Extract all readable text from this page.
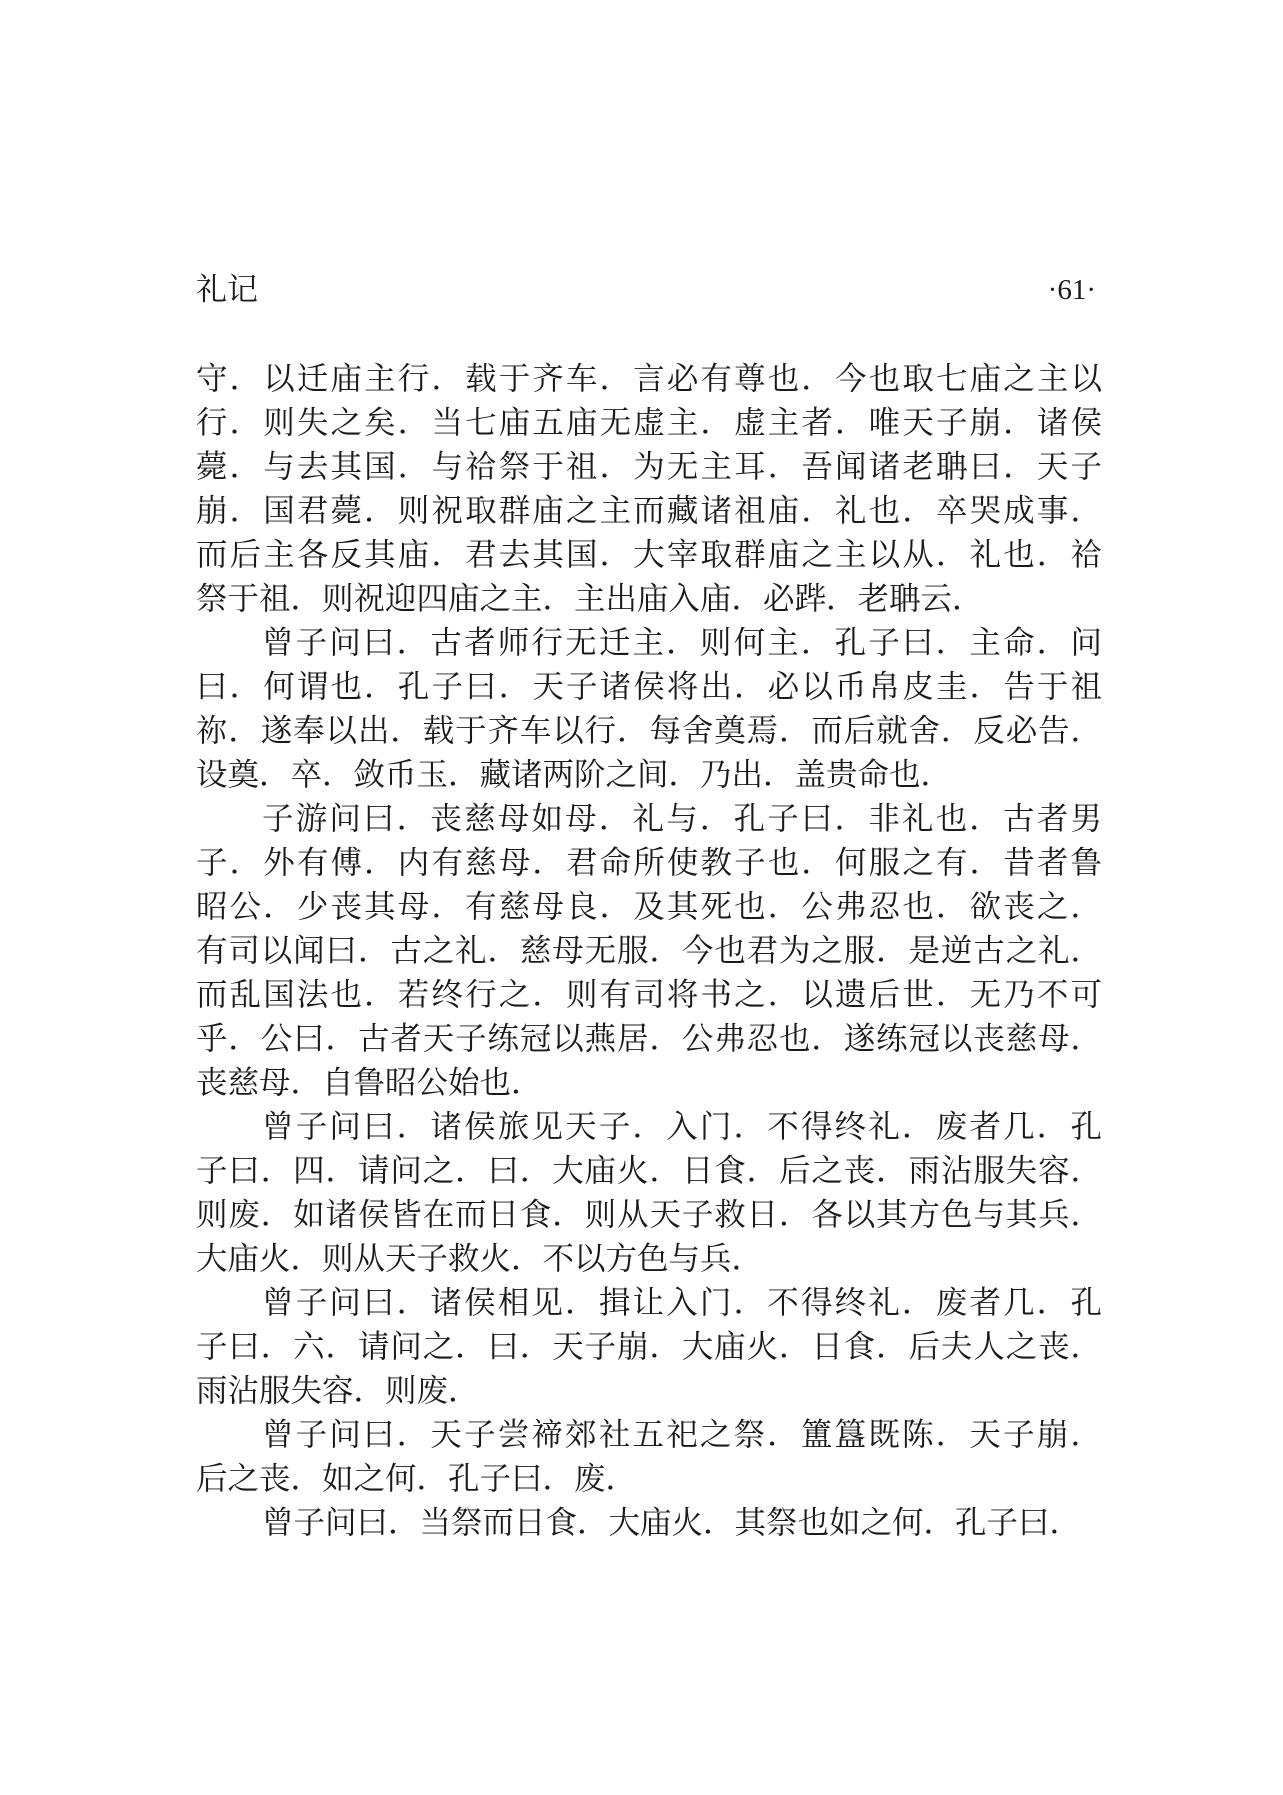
礼记	·61·
守．以迁庙主行．载于齐车．言必有尊也．今也取七庙之主以
行．则失之矣．当七庙五庙无虚主．虚主者．唯天子崩．诸侯
薨．与去其国．与祫祭于祖．为无主耳．吾闻诸老聃曰．天子
崩．国君薨．则祝取群庙之主而藏诸祖庙．礼也．卒哭成事．
而后主各反其庙．君去其国．大宰取群庙之主以从．礼也．祫
祭于祖．则祝迎四庙之主．主出庙入庙．必跸．老聃云．
曾子问曰．古者师行无迁主．则何主．孔子曰．主命．问
曰．何谓也．孔子曰．天子诸侯将出．必以币帛皮圭．告于祖
祢．遂奉以出．载于齐车以行．每舍奠焉．而后就舍．反必告．
设奠．卒．敛币玉．藏诸两阶之间．乃出．盖贵命也．
子游问曰．丧慈母如母．礼与．孔子曰．非礼也．古者男
子．外有傅．内有慈母．君命所使教子也．何服之有．昔者鲁
昭公．少丧其母．有慈母良．及其死也．公弗忍也．欲丧之．
有司以闻曰．古之礼．慈母无服．今也君为之服．是逆古之礼．
而乱国法也．若终行之．则有司将书之．以遗后世．无乃不可
乎．公曰．古者天子练冠以燕居．公弗忍也．遂练冠以丧慈母．
丧慈母．自鲁昭公始也．
曾子问曰．诸侯旅见天子．入门．不得终礼．废者几．孔
子曰．四．请问之．曰．大庙火．日食．后之丧．雨沾服失容．
则废．如诸侯皆在而日食．则从天子救日．各以其方色与其兵．
大庙火．则从天子救火．不以方色与兵．
曾子问曰．诸侯相见．揖让入门．不得终礼．废者几．孔
子曰．六．请问之．曰．天子崩．大庙火．日食．后夫人之丧．
雨沾服失容．则废．
曾子问曰．天子尝禘郊社五祀之祭．簠簋既陈．天子崩．
后之丧．如之何．孔子曰．废．
曾子问曰．当祭而日食．大庙火．其祭也如之何．孔子曰．
